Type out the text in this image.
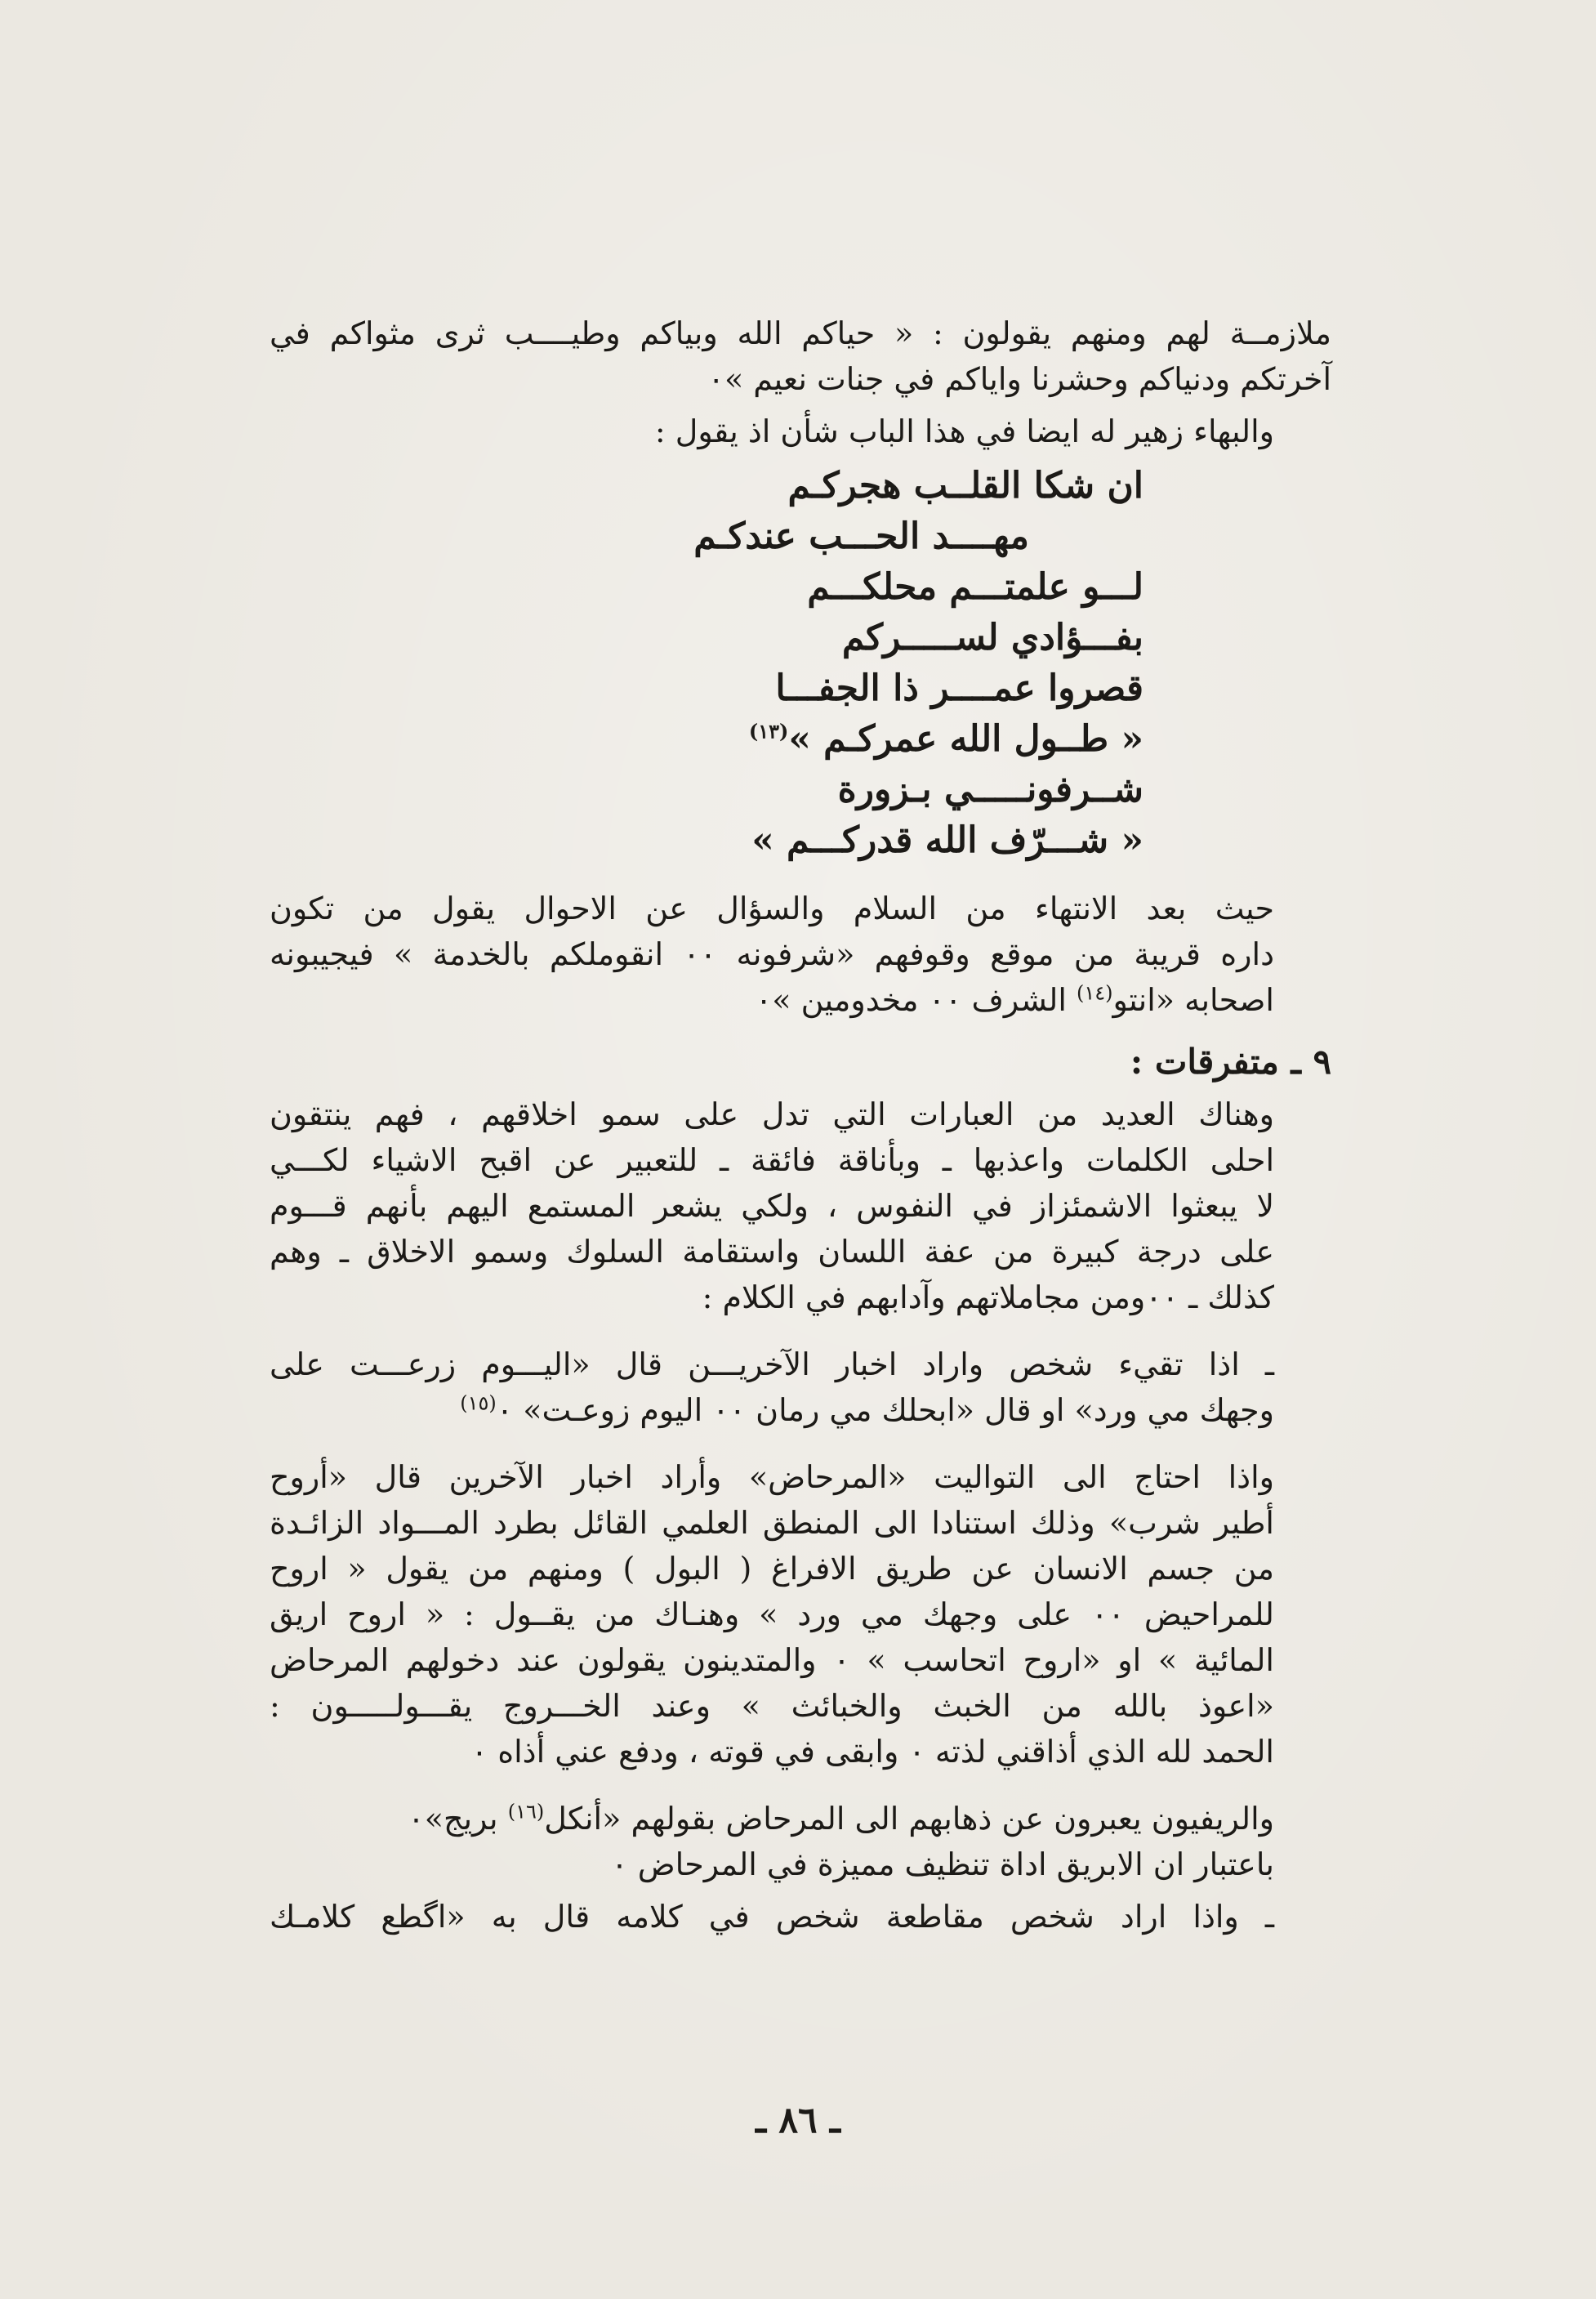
ملازمــة لهم ومنهم يقولون : « حياكم الله وبياكم وطيــــب ثرى مثواكم في
آخرتكم ودنياكم وحشرنا واياكم في جنات نعيم »٠
والبهاء زهير له ايضا في هذا الباب شأن اذ يقول :
ان شكا القلــب هجركـم
مهــــد الحـــب عندكـم
لـــو علمتـــم محلكـــم
بفـــؤادي لســـــركم
قصروا عمــــر ذا الجفـــا
« طــول الله عمركـم »$^{(١٣)}$
شــرفونـــــي بـزورة
« شـــرّف الله قدركـــم »
حيث بعد الانتهاء من السلام والسؤال عن الاحوال يقول من تكون
داره قريبة من موقع وقوفهم «شرفونه ٠٠ انقوملكم بالخدمة » فيجيبونه
اصحابه «انتو$^{(١٤)}$ الشرف ٠٠ مخدومين »٠
٩ ـ متفرقات :
وهناك العديد من العبارات التي تدل على سمو اخلاقهم ، فهم ينتقون
احلى الكلمات واعذبها ـ وبأناقة فائقة ـ للتعبير عن اقبح الاشياء لكـــي
لا يبعثوا الاشمئزاز في النفوس ، ولكي يشعر المستمع اليهم بأنهم قـــوم
على درجة كبيرة من عفة اللسان واستقامة السلوك وسمو الاخلاق ـ وهم
كذلك ـ ٠٠ومن مجاملاتهم وآدابهم في الكلام :
ـ اذا تقيء شخص واراد اخبار الآخريـــن قال «اليـــوم زرعـــت على
وجهك مي ورد» او قال «ابحلك مي رمان ٠٠ اليوم زوعـت» ٠$^{(١٥)}$
واذا احتاج الى التواليت «المرحاض» وأراد اخبار الآخرين قال «أروح
أطير شرب» وذلك استنادا الى المنطق العلمي القائل بطرد المـــواد الزائـدة
من جسم الانسان عن طريق الافراغ ( البول ) ومنهم من يقول « اروح
للمراحيض ٠٠ على وجهك مي ورد » وهنـاك من يقــول : « اروح اريق
المائية » او «اروح اتحاسب » ٠ والمتدينون يقولون عند دخولهم المرحاض
«اعوذ بالله من الخبث والخبائث » وعند الخـــروج يقـــولـــــون :
الحمد لله الذي أذاقني لذته ٠ وابقى في قوته ، ودفع عني أذاه ٠
والريفيون يعبرون عن ذهابهم الى المرحاض بقولهم «أنكل$^{(١٦)}$ بريج»٠
باعتبار ان الابريق اداة تنظيف مميزة في المرحاض ٠
ـ واذا اراد شخص مقاطعة شخص في كلامه قال به «اگطع كلامـك
ـ ٨٦ ـ
